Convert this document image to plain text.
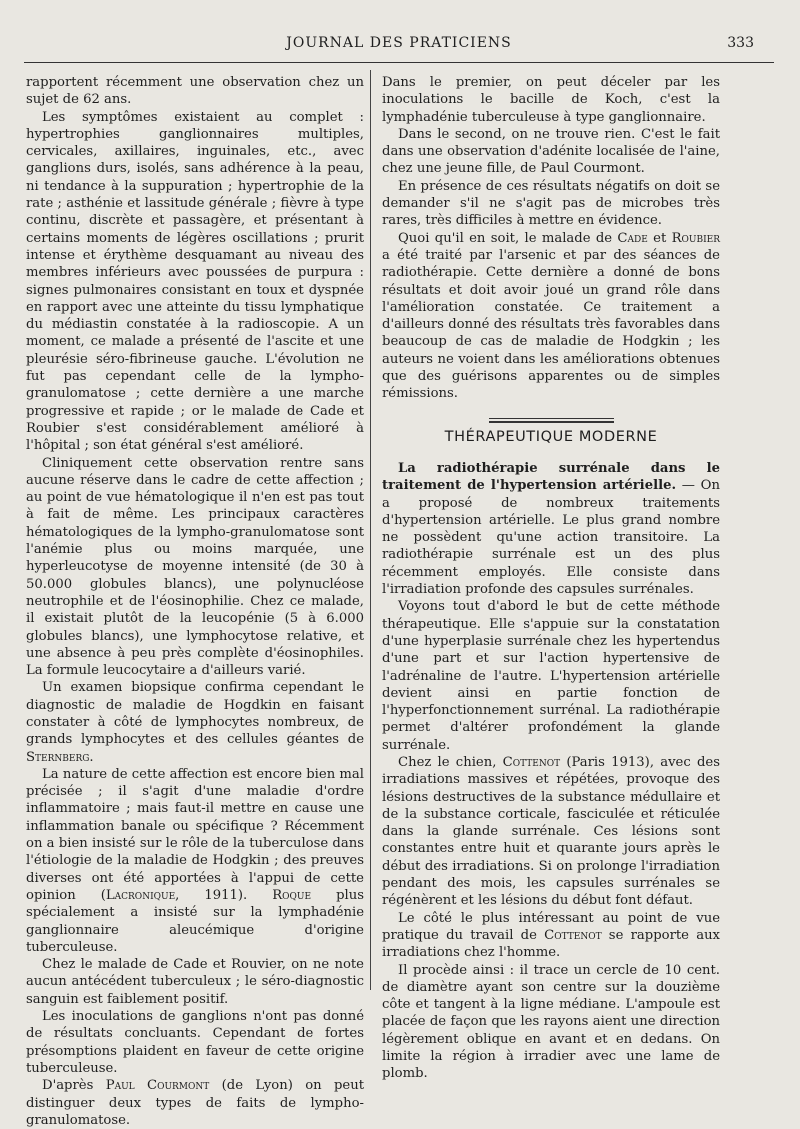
JOURNAL DES PRATICIENS	333

rapportent récemment une observation chez un sujet de 62 ans.

Les symptômes existaient au complet : hypertrophies ganglionnaires multiples, cervicales, axillaires, inguinales, etc., avec ganglions durs, isolés, sans adhérence à la peau, ni tendance à la suppuration ; hypertrophie de la rate ; asthénie et lassitude générale ; fièvre à type continu, discrète et passagère, et présentant à certains moments de légères oscillations ; prurit intense et érythème desquamant au niveau des membres inférieurs avec poussées de purpura : signes pulmonaires consistant en toux et dyspnée en rapport avec une atteinte du tissu lymphatique du médiastin constatée à la radioscopie. A un moment, ce malade a présenté de l'ascite et une pleurésie séro-fibrineuse gauche. L'évolution ne fut pas cependant celle de la lympho-granulomatose ; cette dernière a une marche progressive et rapide ; or le malade de Cade et Roubier s'est considérablement amélioré à l'hôpital ; son état général s'est amélioré.

Cliniquement cette observation rentre sans aucune réserve dans le cadre de cette affection ; au point de vue hématologique il n'en est pas tout à fait de même. Les principaux caractères hématologiques de la lympho-granulomatose sont l'anémie plus ou moins marquée, une hyperleucotyse de moyenne intensité (de 30 à 50.000 globules blancs), une polynucléose neutrophile et de l'éosinophilie. Chez ce malade, il existait plutôt de la leucopénie (5 à 6.000 globules blancs), une lymphocytose relative, et une absence à peu près complète d'éosinophiles. La formule leucocytaire a d'ailleurs varié.

Un examen biopsique confirma cependant le diagnostic de maladie de Hogdkin en faisant constater à côté de lymphocytes nombreux, de grands lymphocytes et des cellules géantes de Sternberg.

La nature de cette affection est encore bien mal précisée ; il s'agit d'une maladie d'ordre inflammatoire ; mais faut-il mettre en cause une inflammation banale ou spécifique ? Récemment on a bien insisté sur le rôle de la tuberculose dans l'étiologie de la maladie de Hodgkin ; des preuves diverses ont été apportées à l'appui de cette opinion (Lacronique, 1911). Roque plus spécialement a insisté sur la lymphadénie ganglionnaire aleucémique d'origine tuberculeuse.

Chez le malade de Cade et Rouvier, on ne note aucun antécédent tuberculeux ; le séro-diagnostic sanguin est faiblement positif.

Les inoculations de ganglions n'ont pas donné de résultats concluants. Cependant de fortes présomptions plaident en faveur de cette origine tuberculeuse.

D'après Paul Courmont (de Lyon) on peut distinguer deux types de faits de lympho-granulomatose.

Dans le premier, on peut déceler par les inoculations le bacille de Koch, c'est la lymphadénie tuberculeuse à type ganglionnaire.

Dans le second, on ne trouve rien. C'est le fait dans une observation d'adénite localisée de l'aine, chez une jeune fille, de Paul Courmont.

En présence de ces résultats négatifs on doit se demander s'il ne s'agit pas de microbes très rares, très difficiles à mettre en évidence.

Quoi qu'il en soit, le malade de Cade et Roubier a été traité par l'arsenic et par des séances de radiothérapie. Cette dernière a donné de bons résultats et doit avoir joué un grand rôle dans l'amélioration constatée. Ce traitement a d'ailleurs donné des résultats très favorables dans beaucoup de cas de maladie de Hodgkin ; les auteurs ne voient dans les améliorations obtenues que des guérisons apparentes ou de simples rémissions.

THÉRAPEUTIQUE MODERNE

La radiothérapie surrénale dans le traitement de l'hypertension artérielle. — On a proposé de nombreux traitements d'hypertension artérielle. Le plus grand nombre ne possèdent qu'une action transitoire. La radiothérapie surrénale est un des plus récemment employés. Elle consiste dans l'irradiation profonde des capsules surrénales.

Voyons tout d'abord le but de cette méthode thérapeutique. Elle s'appuie sur la constatation d'une hyperplasie surrénale chez les hypertendus d'une part et sur l'action hypertensive de l'adrénaline de l'autre. L'hypertension artérielle devient ainsi en partie fonction de l'hyperfonctionnement surrénal. La radiothérapie permet d'altérer profondément la glande surrénale.

Chez le chien, Cottenot (Paris 1913), avec des irradiations massives et répétées, provoque des lésions destructives de la substance médullaire et de la substance corticale, fasciculée et réticulée dans la glande surrénale. Ces lésions sont constantes entre huit et quarante jours après le début des irradiations. Si on prolonge l'irradiation pendant des mois, les capsules surrénales se régénèrent et les lésions du début font défaut.

Le côté le plus intéressant au point de vue pratique du travail de Cottenot se rapporte aux irradiations chez l'homme.

Il procède ainsi : il trace un cercle de 10 cent. de diamètre ayant son centre sur la douzième côte et tangent à la ligne médiane. L'ampoule est placée de façon que les rayons aient une direction légèrement oblique en avant et en dedans. On limite la région à irradier avec une lame de plomb.
